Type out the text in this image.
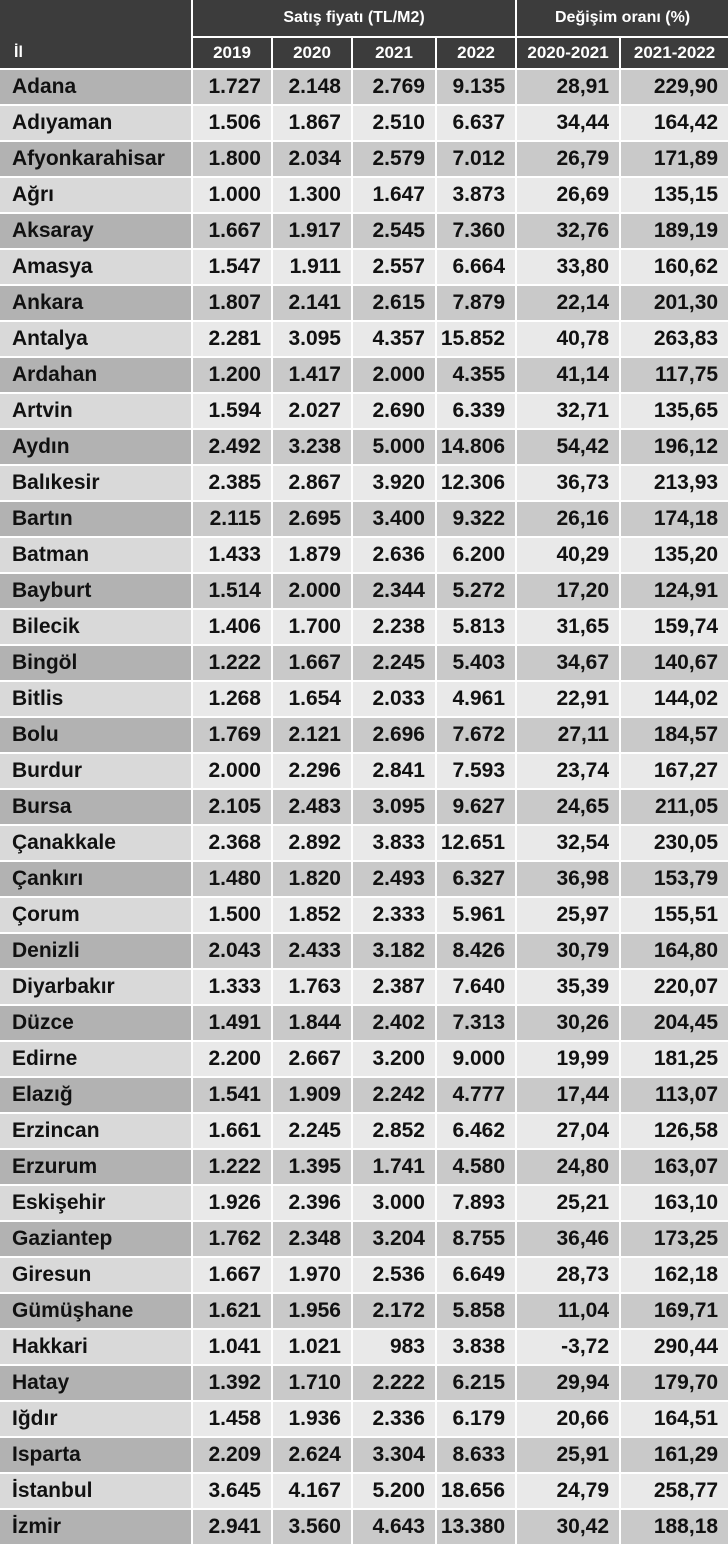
İl	Satış fiyatı (TL/M2)				Değişim oranı (%)	
	2019	2020	2021	2022	2020-2021	2021-2022
Adana	1.727	2.148	2.769	9.135	28,91	229,90
Adıyaman	1.506	1.867	2.510	6.637	34,44	164,42
Afyonkarahisar	1.800	2.034	2.579	7.012	26,79	171,89
Ağrı	1.000	1.300	1.647	3.873	26,69	135,15
Aksaray	1.667	1.917	2.545	7.360	32,76	189,19
Amasya	1.547	1.911	2.557	6.664	33,80	160,62
Ankara	1.807	2.141	2.615	7.879	22,14	201,30
Antalya	2.281	3.095	4.357	15.852	40,78	263,83
Ardahan	1.200	1.417	2.000	4.355	41,14	117,75
Artvin	1.594	2.027	2.690	6.339	32,71	135,65
Aydın	2.492	3.238	5.000	14.806	54,42	196,12
Balıkesir	2.385	2.867	3.920	12.306	36,73	213,93
Bartın	2.115	2.695	3.400	9.322	26,16	174,18
Batman	1.433	1.879	2.636	6.200	40,29	135,20
Bayburt	1.514	2.000	2.344	5.272	17,20	124,91
Bilecik	1.406	1.700	2.238	5.813	31,65	159,74
Bingöl	1.222	1.667	2.245	5.403	34,67	140,67
Bitlis	1.268	1.654	2.033	4.961	22,91	144,02
Bolu	1.769	2.121	2.696	7.672	27,11	184,57
Burdur	2.000	2.296	2.841	7.593	23,74	167,27
Bursa	2.105	2.483	3.095	9.627	24,65	211,05
Çanakkale	2.368	2.892	3.833	12.651	32,54	230,05
Çankırı	1.480	1.820	2.493	6.327	36,98	153,79
Çorum	1.500	1.852	2.333	5.961	25,97	155,51
Denizli	2.043	2.433	3.182	8.426	30,79	164,80
Diyarbakır	1.333	1.763	2.387	7.640	35,39	220,07
Düzce	1.491	1.844	2.402	7.313	30,26	204,45
Edirne	2.200	2.667	3.200	9.000	19,99	181,25
Elazığ	1.541	1.909	2.242	4.777	17,44	113,07
Erzincan	1.661	2.245	2.852	6.462	27,04	126,58
Erzurum	1.222	1.395	1.741	4.580	24,80	163,07
Eskişehir	1.926	2.396	3.000	7.893	25,21	163,10
Gaziantep	1.762	2.348	3.204	8.755	36,46	173,25
Giresun	1.667	1.970	2.536	6.649	28,73	162,18
Gümüşhane	1.621	1.956	2.172	5.858	11,04	169,71
Hakkari	1.041	1.021	983	3.838	-3,72	290,44
Hatay	1.392	1.710	2.222	6.215	29,94	179,70
Iğdır	1.458	1.936	2.336	6.179	20,66	164,51
Isparta	2.209	2.624	3.304	8.633	25,91	161,29
İstanbul	3.645	4.167	5.200	18.656	24,79	258,77
İzmir	2.941	3.560	4.643	13.380	30,42	188,18
